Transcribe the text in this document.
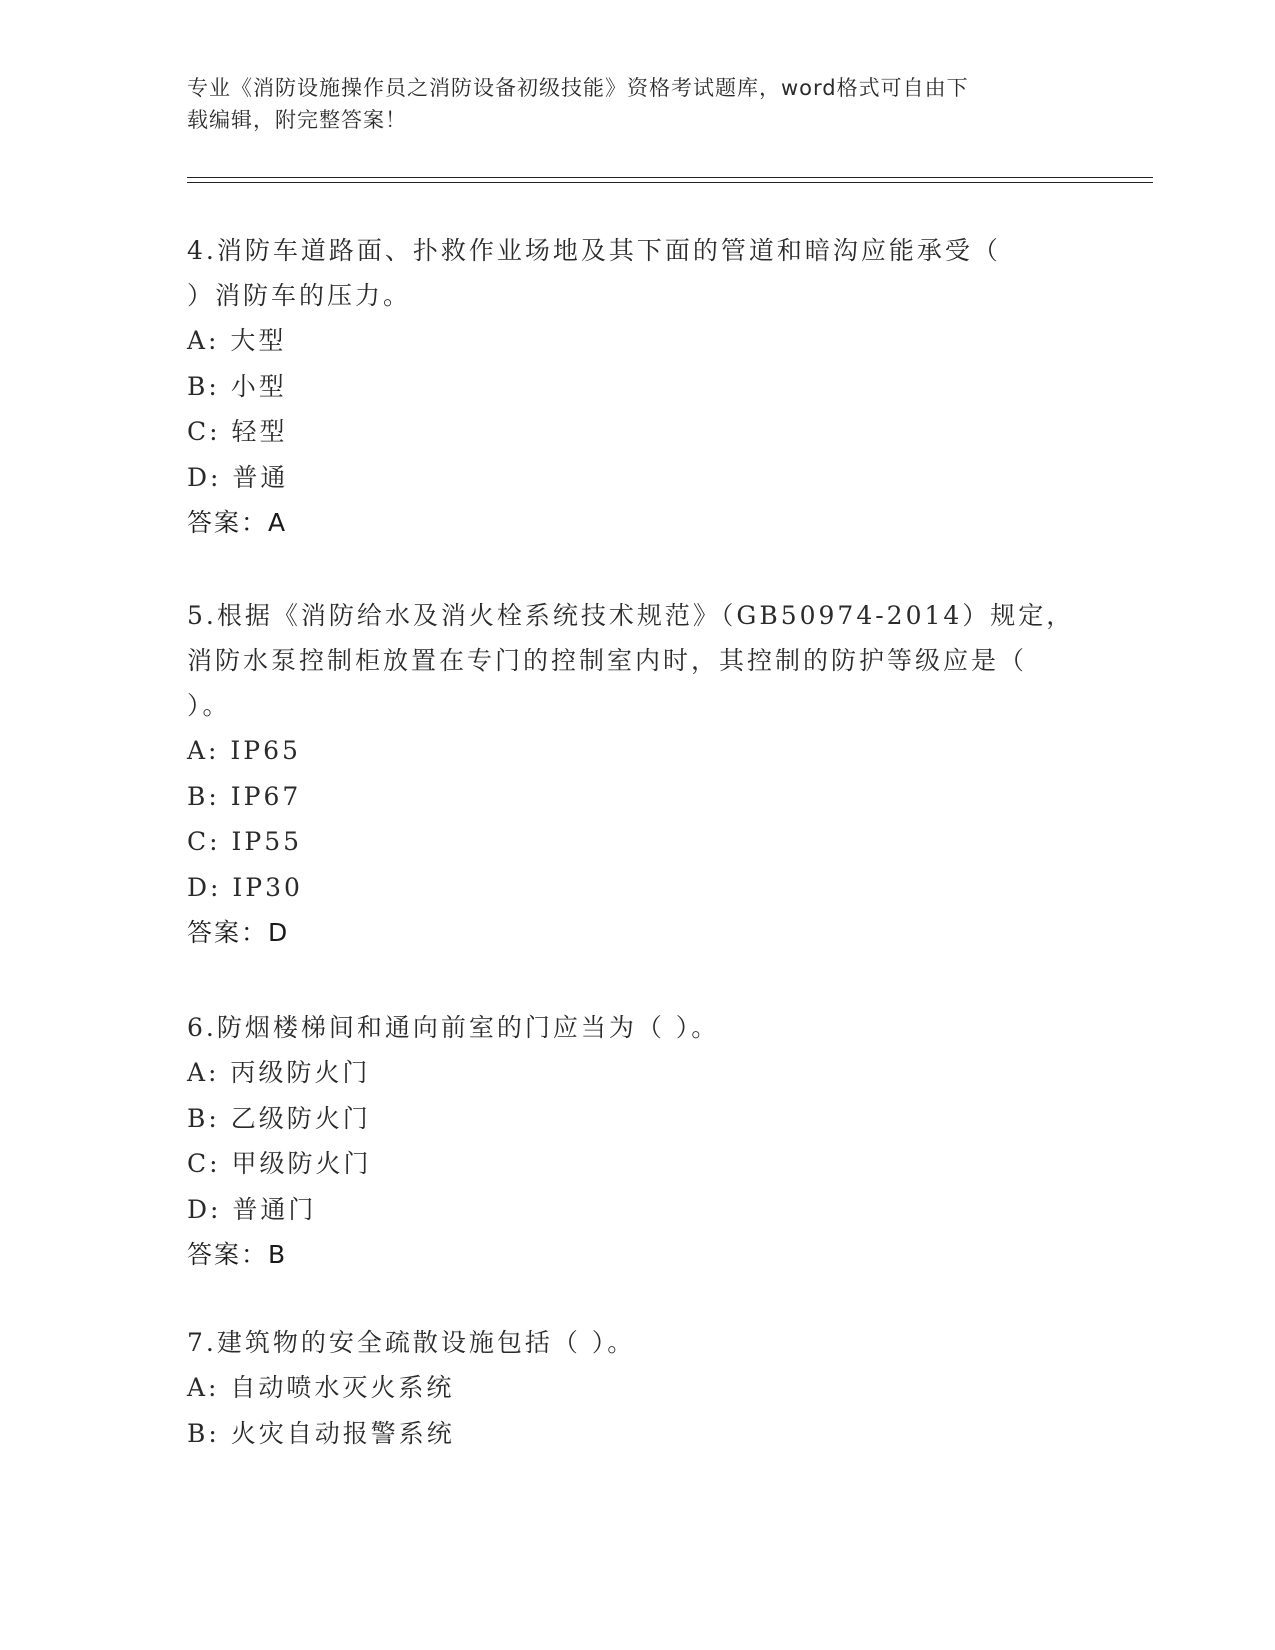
专业《消防设施操作员之消防设备初级技能》资格考试题库，word格式可自由下
载编辑，附完整答案！
4.消防车道路面、扑救作业场地及其下面的管道和暗沟应能承受（
）消防车的压力。
A: 大型
B: 小型
C: 轻型
D: 普通
答案：A
5.根据《消防给水及消火栓系统技术规范》（GB50974-2014）规定，
消防水泵控制柜放置在专门的控制室内时，其控制的防护等级应是（
）。
A: IP65
B: IP67
C: IP55
D: IP30
答案：D
6.防烟楼梯间和通向前室的门应当为（ ）。
A: 丙级防火门
B: 乙级防火门
C: 甲级防火门
D: 普通门
答案：B
7.建筑物的安全疏散设施包括（ ）。
A: 自动喷水灭火系统
B: 火灾自动报警系统
